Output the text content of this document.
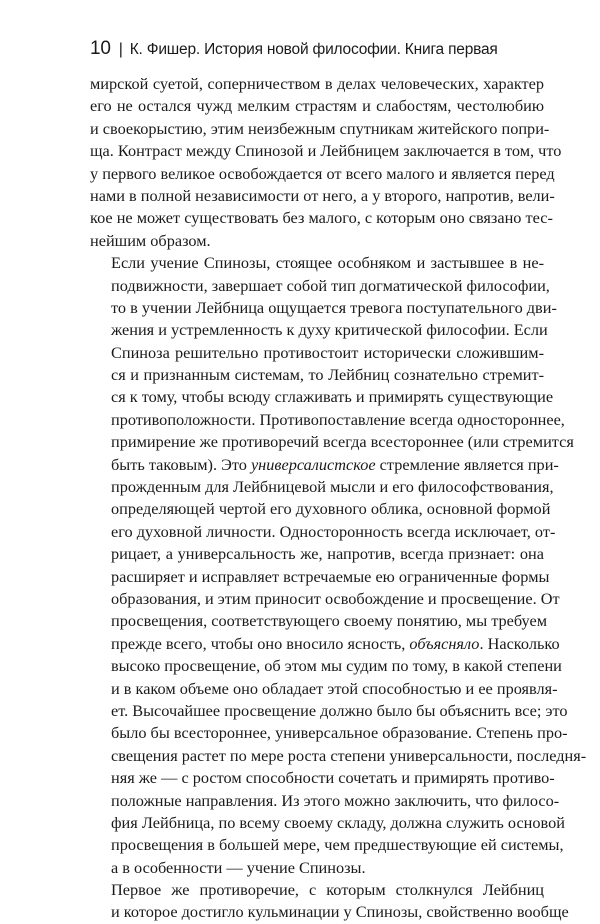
10 | К. Фишер. История новой философии. Книга первая

мирской суетой, соперничеством в делах человеческих, характер
его не остался чужд мелким страстям и слабостям, честолюбию
и своекорыстию, этим неизбежным спутникам житейского попри-
ща. Контраст между Спинозой и Лейбницем заключается в том, что
у первого великое освобождается от всего малого и является перед
нами в полной независимости от него, а у второго, напротив, вели-
кое не может существовать без малого, с которым оно связано тес-
нейшим образом.

Если учение Спинозы, стоящее особняком и застывшее в не-
подвижности, завершает собой тип догматической философии,
то в учении Лейбница ощущается тревога поступательного дви-
жения и устремленность к духу критической философии. Если
Спиноза решительно противостоит исторически сложившим-
ся и признанным системам, то Лейбниц сознательно стремит-
ся к тому, чтобы всюду сглаживать и примирять существующие
противоположности. Противопоставление всегда одностороннее,
примирение же противоречий всегда всестороннее (или стремится
быть таковым). Это универсалистское стремление является при-
прожденным для Лейбницевой мысли и его философствования,
определяющей чертой его духовного облика, основной формой
его духовной личности. Односторонность всегда исключает, от-
рицает, а универсальность же, напротив, всегда признает: она
расширяет и исправляет встречаемые ею ограниченные формы
образования, и этим приносит освобождение и просвещение. От
просвещения, соответствующего своему понятию, мы требуем
прежде всего, чтобы оно вносило ясность, объясняло. Насколько
высоко просвещение, об этом мы судим по тому, в какой степени
и в каком объеме оно обладает этой способностью и ее проявля-
ет. Высочайшее просвещение должно было бы объяснить все; это
было бы всестороннее, универсальное образование. Степень про-
свещения растет по мере роста степени универсальности, последня-
няя же — с ростом способности сочетать и примирять противо-
положные направления. Из этого можно заключить, что филосо-
фия Лейбница, по всему своему складу, должна служить основой
просвещения в большей мере, чем предшествующие ей системы,
а в особенности — учение Спинозы.

Первое же противоречие, с которым столкнулся Лейбниц
и которое достигло кульминации у Спинозы, свойственно вообще
